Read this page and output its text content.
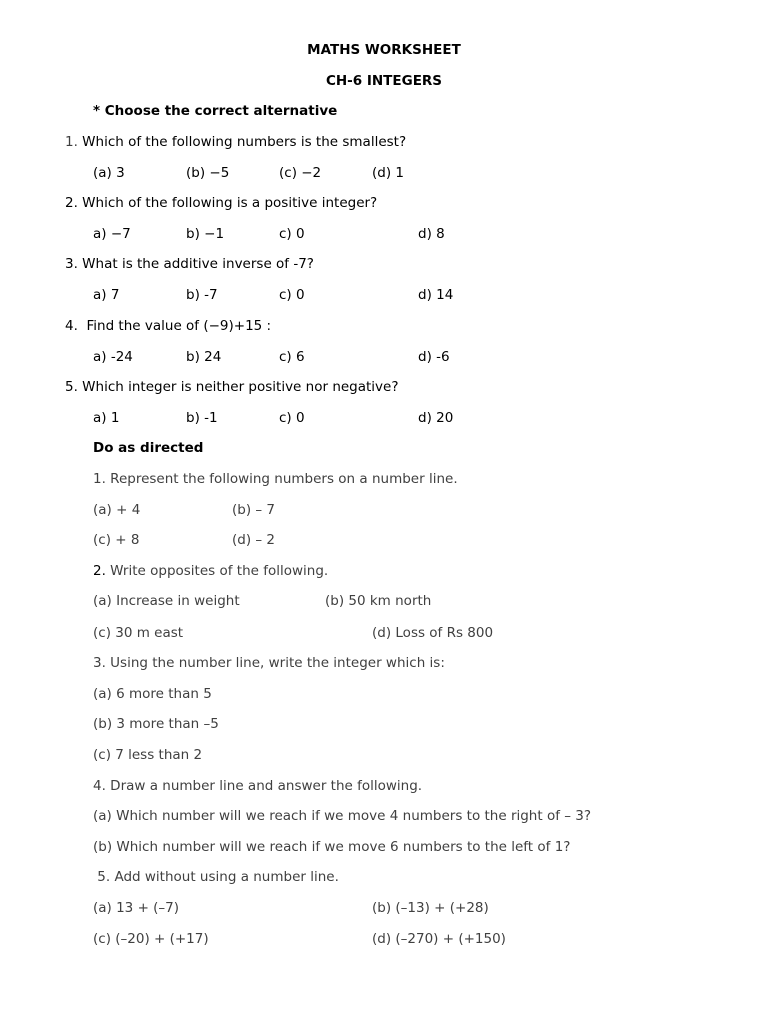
MATHS WORKSHEET
CH-6 INTEGERS
* Choose the correct alternative
1. Which of the following numbers is the smallest?
(a) 3	(b) −5	(c) −2	(d) 1
2. Which of the following is a positive integer?
a) −7	b) −1	c) 0	d) 8
3. What is the additive inverse of -7?
a) 7	b) -7	c) 0	d) 14
4.  Find the value of (−9)+15 :
a) -24	b) 24	c) 6	d) -6
5. Which integer is neither positive nor negative?
a) 1	b) -1	c) 0	d) 20
Do as directed
1. Represent the following numbers on a number line.
(a) + 4	(b) – 7
(c) + 8	(d) – 2
2. Write opposites of the following.
(a) Increase in weight	(b) 50 km north
(c) 30 m east	(d) Loss of Rs 800
3. Using the number line, write the integer which is:
(a) 6 more than 5
(b) 3 more than –5
(c) 7 less than 2
4. Draw a number line and answer the following.
(a) Which number will we reach if we move 4 numbers to the right of – 3?
(b) Which number will we reach if we move 6 numbers to the left of 1?
5. Add without using a number line.
(a) 13 + (–7)	(b) (–13) + (+28)
(c) (–20) + (+17)	(d) (–270) + (+150)
